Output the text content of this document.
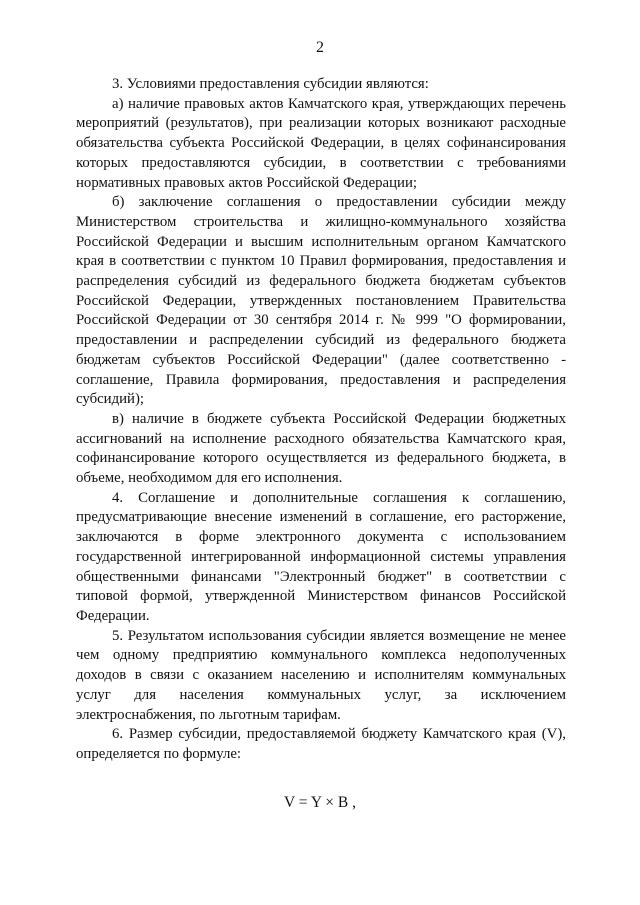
2

3. Условиями предоставления субсидии являются:

а) наличие правовых актов Камчатского края, утверждающих перечень мероприятий (результатов), при реализации которых возникают расходные обязательства субъекта Российской Федерации, в целях софинансирования которых предоставляются субсидии, в соответствии с требованиями нормативных правовых актов Российской Федерации;

б) заключение соглашения о предоставлении субсидии между Министерством строительства и жилищно-коммунального хозяйства Российской Федерации и высшим исполнительным органом Камчатского края в соответствии с пунктом 10 Правил формирования, предоставления и распределения субсидий из федерального бюджета бюджетам субъектов Российской Федерации, утвержденных постановлением Правительства Российской Федерации от 30 сентября 2014 г. № 999 "О формировании, предоставлении и распределении субсидий из федерального бюджета бюджетам субъектов Российской Федерации" (далее соответственно - соглашение, Правила формирования, предоставления и распределения субсидий);

в) наличие в бюджете субъекта Российской Федерации бюджетных ассигнований на исполнение расходного обязательства Камчатского края, софинансирование которого осуществляется из федерального бюджета, в объеме, необходимом для его исполнения.

4. Соглашение и дополнительные соглашения к соглашению, предусматривающие внесение изменений в соглашение, его расторжение, заключаются в форме электронного документа с использованием государственной интегрированной информационной системы управления общественными финансами "Электронный бюджет" в соответствии с типовой формой, утвержденной Министерством финансов Российской Федерации.

5. Результатом использования субсидии является возмещение не менее чем одному предприятию коммунального комплекса недополученных доходов в связи с оказанием населению и исполнителям коммунальных услуг для населения коммунальных услуг, за исключением электроснабжения, по льготным тарифам.

6. Размер субсидии, предоставляемой бюджету Камчатского края (V), определяется по формуле:

V = Y × B ,
